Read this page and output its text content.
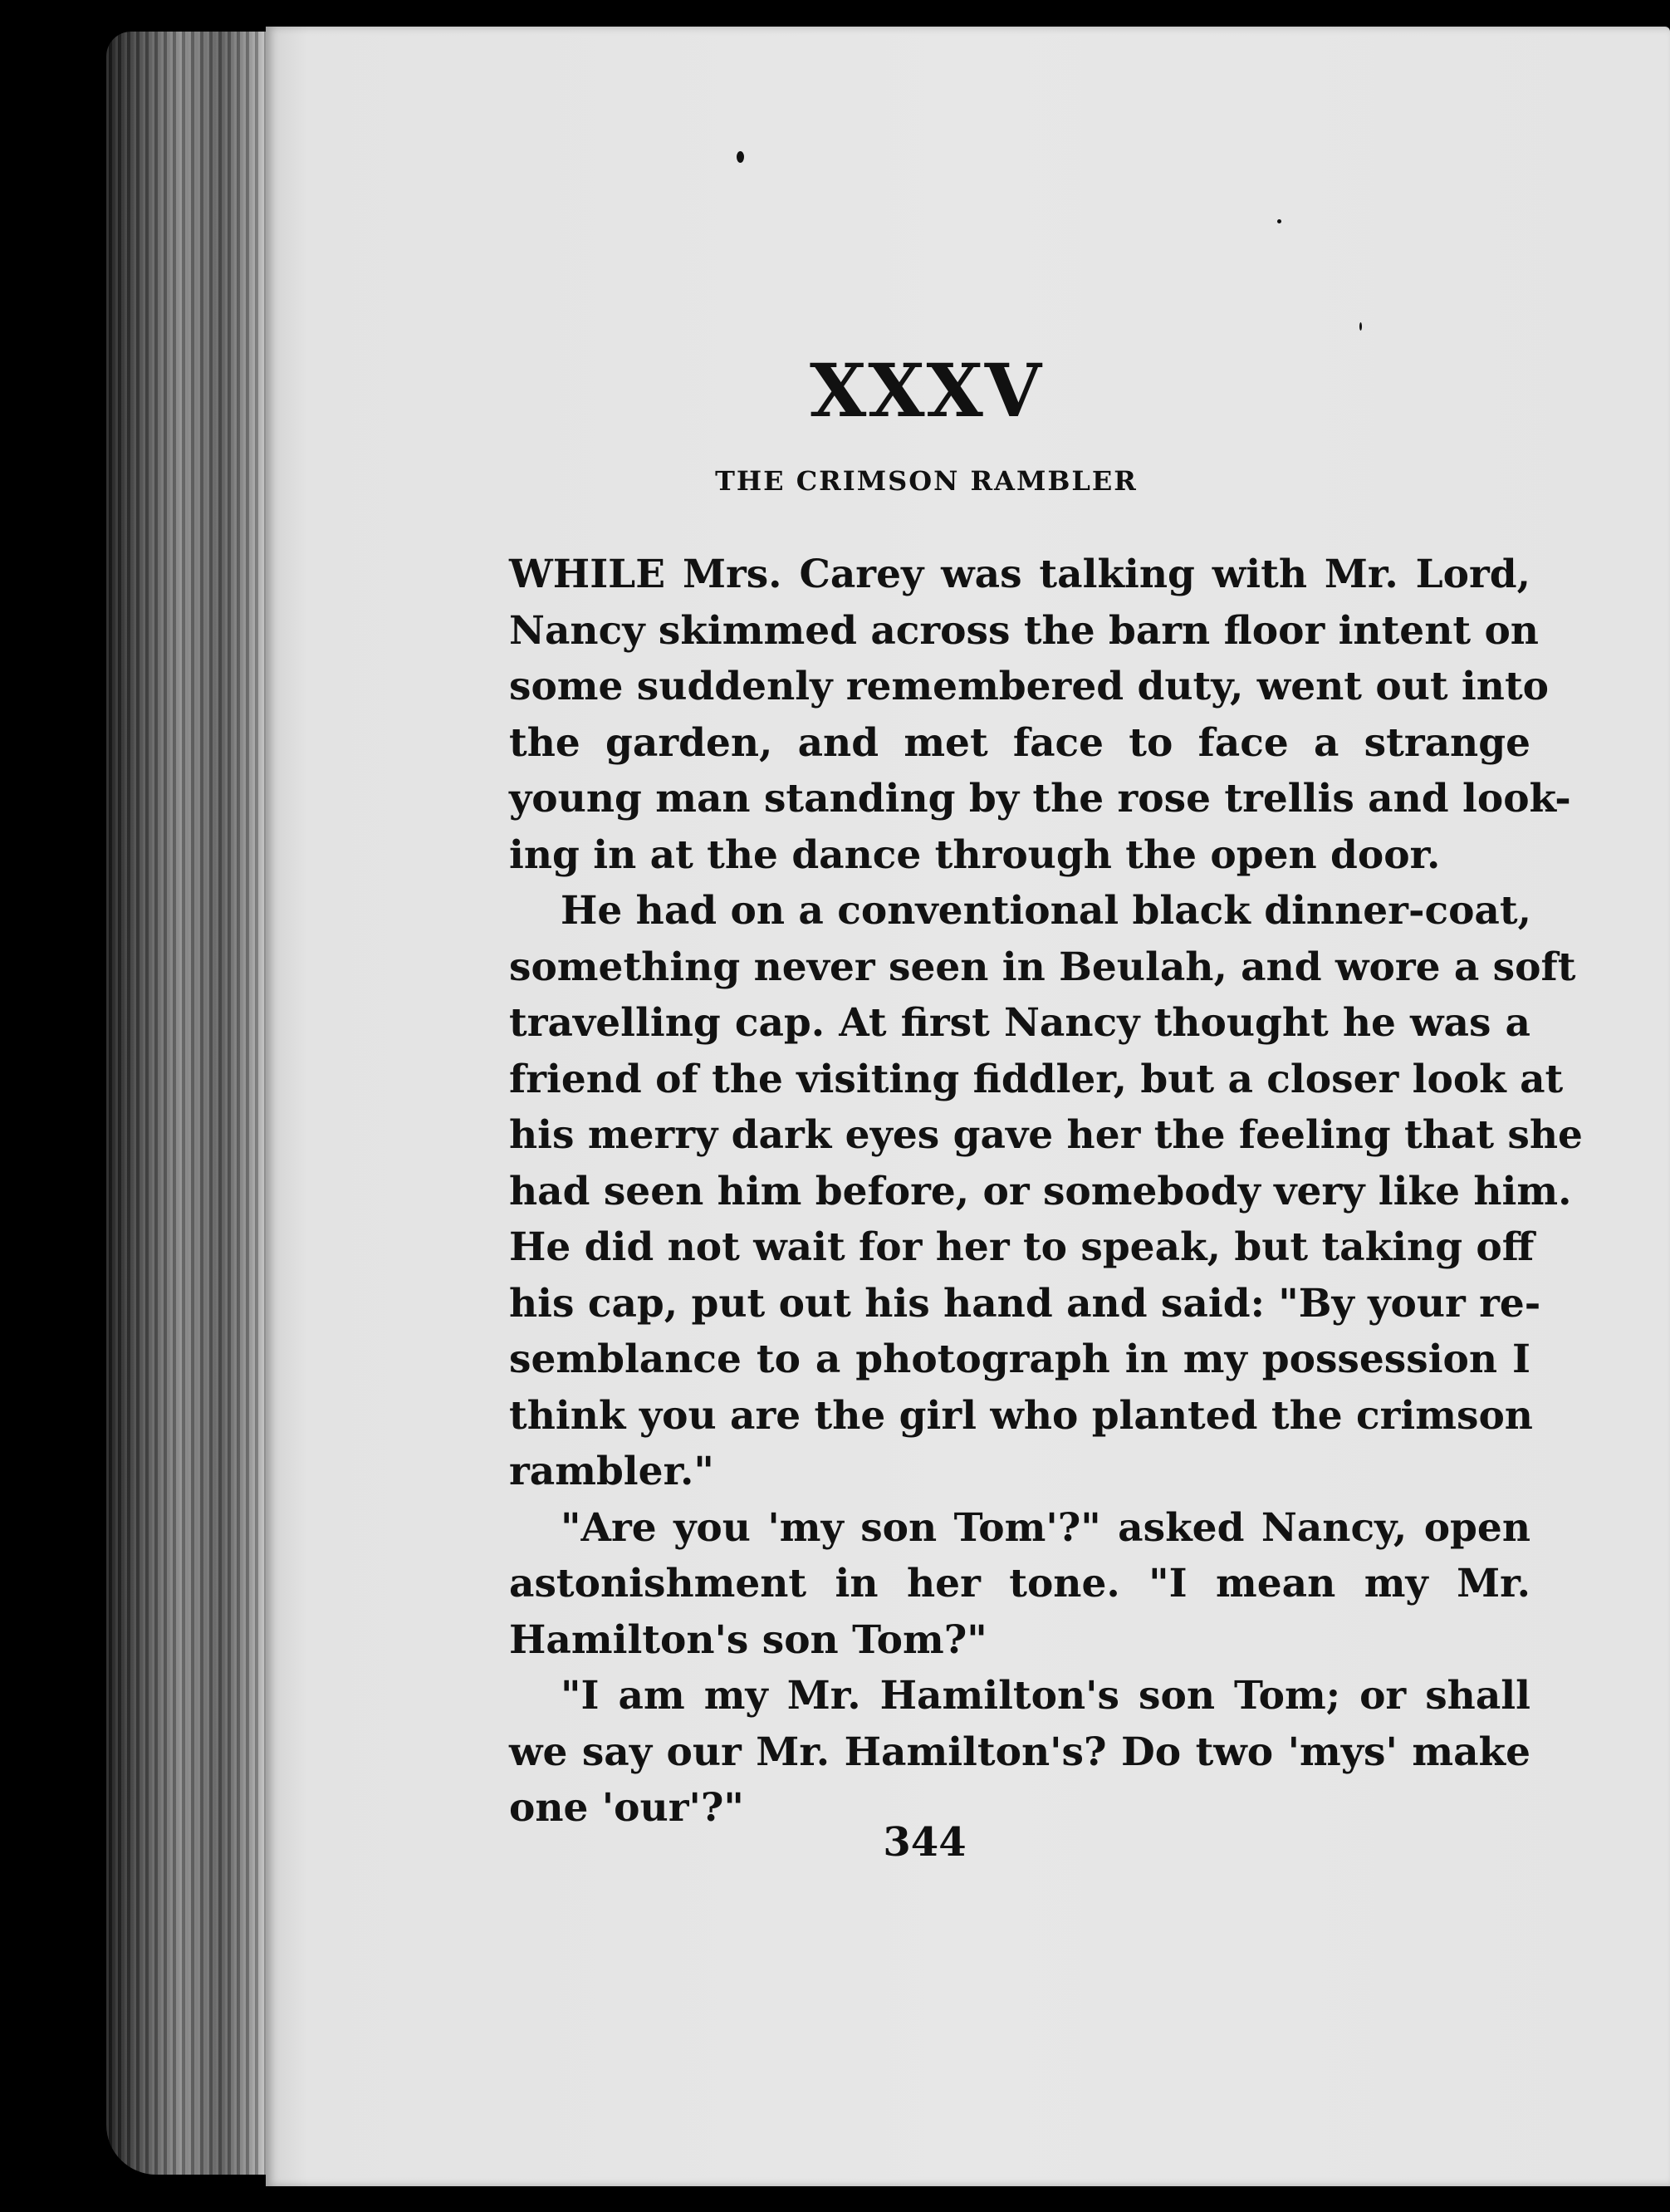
XXXV
THE CRIMSON RAMBLER
WHILE Mrs. Carey was talking with Mr. Lord,
Nancy skimmed across the barn floor intent on
some suddenly remembered duty, went out into
the garden, and met face to face a strange
young man standing by the rose trellis and look-
ing in at the dance through the open door.
He had on a conventional black dinner-coat,
something never seen in Beulah, and wore a soft
travelling cap. At first Nancy thought he was a
friend of the visiting fiddler, but a closer look at
his merry dark eyes gave her the feeling that she
had seen him before, or somebody very like him.
He did not wait for her to speak, but taking off
his cap, put out his hand and said: "By your re-
semblance to a photograph in my possession I
think you are the girl who planted the crimson
rambler."
"Are you 'my son Tom'?" asked Nancy, open
astonishment in her tone. "I mean my Mr.
Hamilton's son Tom?"
"I am my Mr. Hamilton's son Tom; or shall
we say our Mr. Hamilton's? Do two 'mys' make
one 'our'?"
344
